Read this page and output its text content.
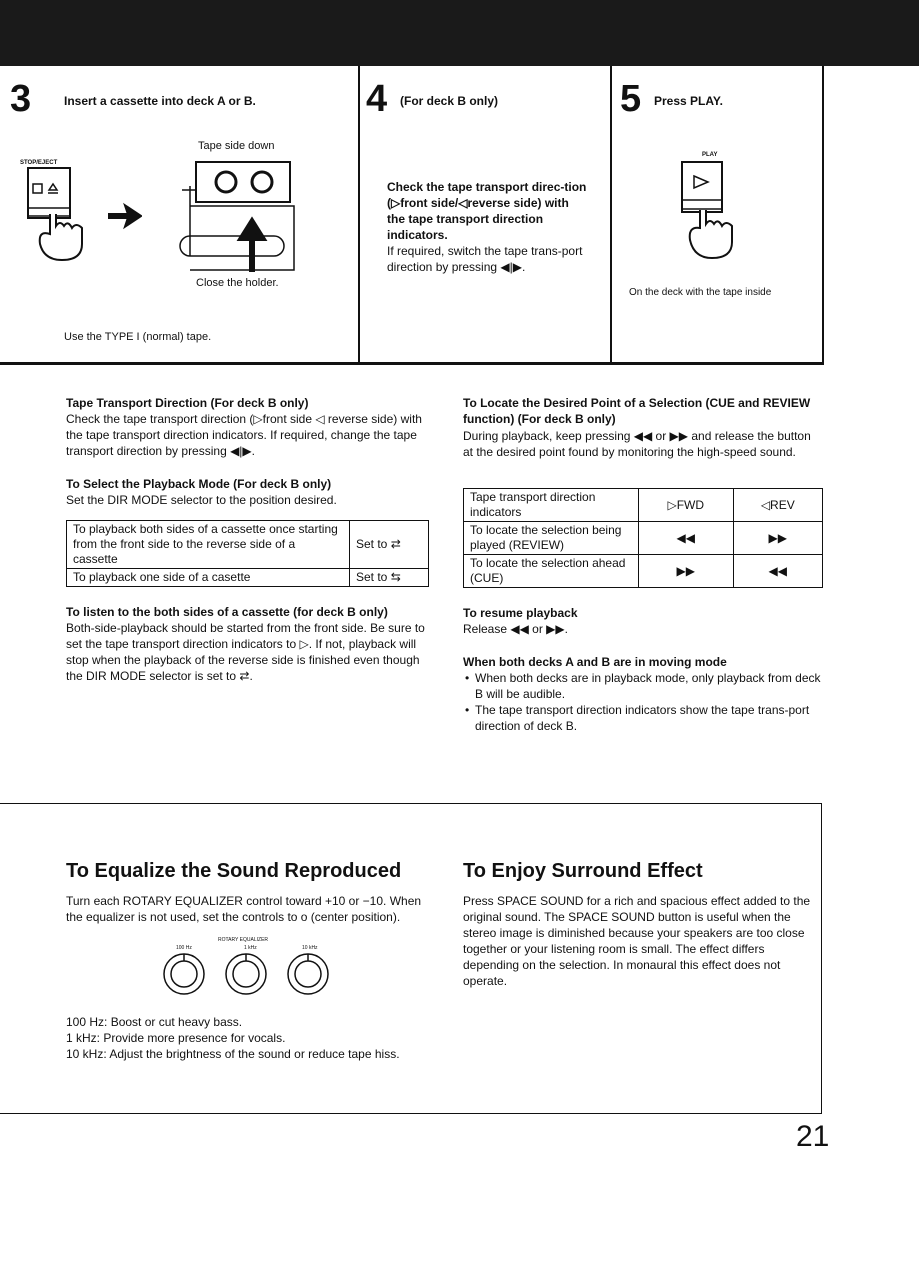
3	Insert a cassette into deck A or B.
STOP/EJECT
Tape side down
Close the holder.
Use the TYPE I (normal) tape.
4 (For deck B only)
Check the tape transport direc-tion (▷front side/◁reverse side) with the tape transport direction indicators.
If required, switch the tape trans-port direction by pressing ◀|▶.
5 Press PLAY.
PLAY
On the deck with the tape inside
Tape Transport Direction (For deck B only)
Check the tape transport direction (▷front side ◁ reverse side) with the tape transport direction indicators. If required, change the tape transport direction by pressing ◀|▶.
To Select the Playback Mode (For deck B only)
Set the DIR MODE selector to the position desired.
To playback both sides of a cassette once starting from the front side to the reverse side of a cassette	Set to ⇄
To playback one side of a casette	Set to ⇆
To listen to the both sides of a cassette (for deck B only)
Both-side-playback should be started from the front side. Be sure to set the tape transport direction indicators to ▷. If not, playback will stop when the playback of the reverse side is finished even though the DIR MODE selector is set to ⇄.
To Locate the Desired Point of a Selection (CUE and REVIEW function) (For deck B only)
During playback, keep pressing ◀◀ or ▶▶ and release the button at the desired point found by monitoring the high-speed sound.
Tape transport direction indicators	▷FWD	◁REV
To locate the selection being played (REVIEW)	◀◀	▶▶
To locate the selection ahead (CUE)	▶▶	◀◀
To resume playback
Release ◀◀ or ▶▶.
When both decks A and B are in moving mode
• When both decks are in playback mode, only playback from deck B will be audible.
• The tape transport direction indicators show the tape trans-port direction of deck B.
To Equalize the Sound Reproduced
Turn each ROTARY EQUALIZER control toward +10 or −10. When the equalizer is not used, set the controls to o (center position).
ROTARY EQUALIZER
100 Hz	1 kHz	10 kHz
100 Hz: Boost or cut heavy bass.
1 kHz: Provide more presence for vocals.
10 kHz: Adjust the brightness of the sound or reduce tape hiss.
To Enjoy Surround Effect
Press SPACE SOUND for a rich and spacious effect added to the original sound. The SPACE SOUND button is useful when the stereo image is diminished because your speakers are too close together or your listening room is small. The effect differs depending on the selection. In monaural this effect does not operate.
21
